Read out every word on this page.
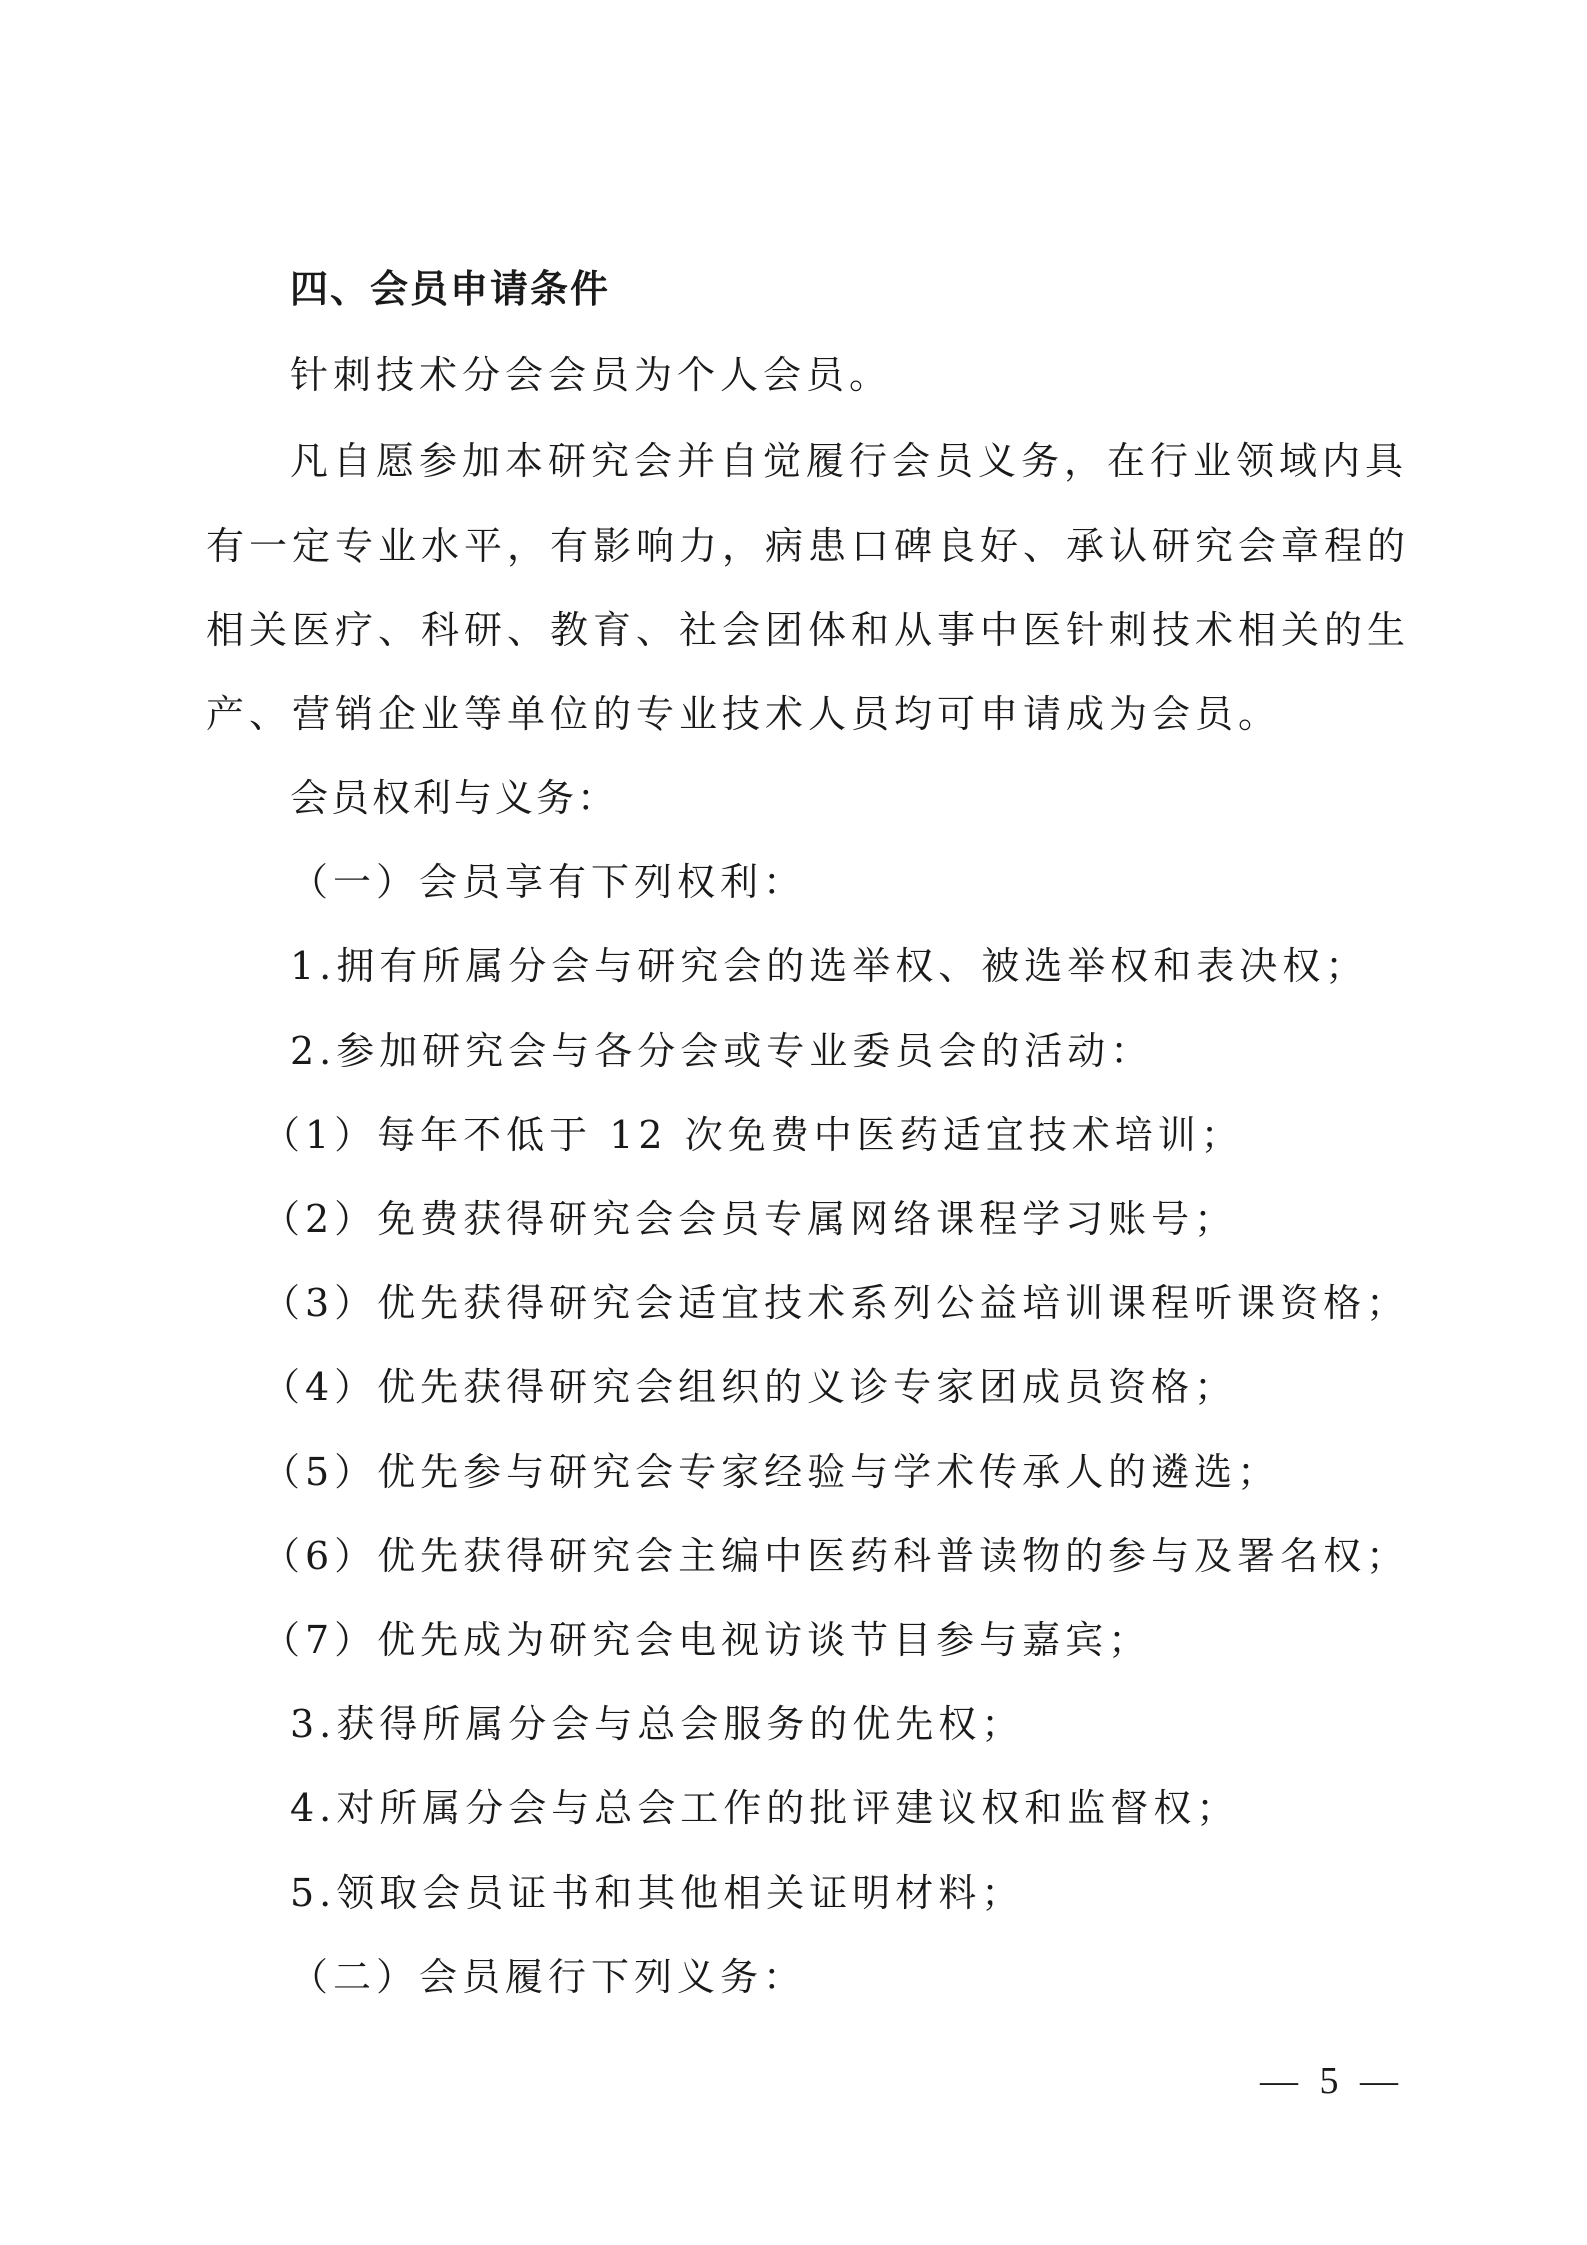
四、会员申请条件
针刺技术分会会员为个人会员。
凡自愿参加本研究会并自觉履行会员义务，在行业领域内具
有一定专业水平，有影响力，病患口碑良好、承认研究会章程的
相关医疗、科研、教育、社会团体和从事中医针刺技术相关的生
产、营销企业等单位的专业技术人员均可申请成为会员。
会员权利与义务：
（一）会员享有下列权利：
1.拥有所属分会与研究会的选举权、被选举权和表决权；
2.参加研究会与各分会或专业委员会的活动：
（1）每年不低于 12 次免费中医药适宜技术培训；
（2）免费获得研究会会员专属网络课程学习账号；
（3）优先获得研究会适宜技术系列公益培训课程听课资格；
（4）优先获得研究会组织的义诊专家团成员资格；
（5）优先参与研究会专家经验与学术传承人的遴选；
（6）优先获得研究会主编中医药科普读物的参与及署名权；
（7）优先成为研究会电视访谈节目参与嘉宾；
3.获得所属分会与总会服务的优先权；
4.对所属分会与总会工作的批评建议权和监督权；
5.领取会员证书和其他相关证明材料；
（二）会员履行下列义务：
— 5 —
